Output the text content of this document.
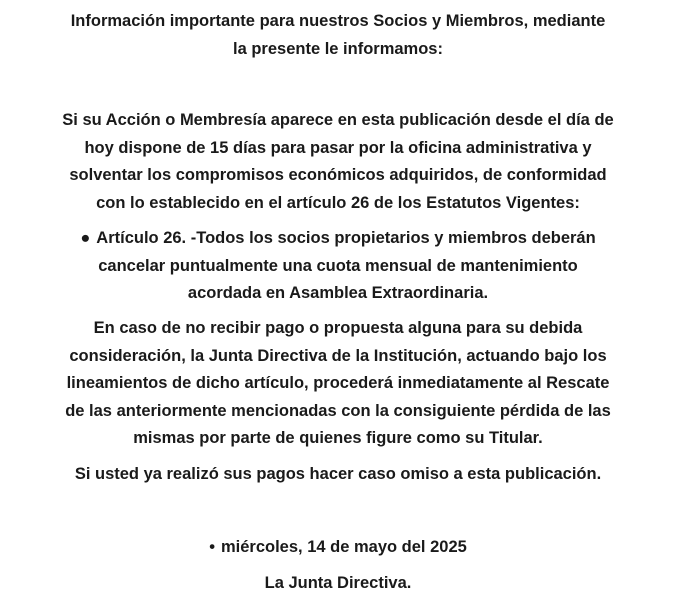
Información importante para nuestros Socios y Miembros, mediante
la presente le informamos:
Si su Acción o Membresía aparece en esta publicación desde el día de
hoy dispone de 15 días para pasar por la oficina administrativa y
solventar los compromisos económicos adquiridos, de conformidad
con lo establecido en el artículo 26 de los Estatutos Vigentes:
● Artículo 26. -Todos los socios propietarios y miembros deberán
cancelar puntualmente una cuota mensual de mantenimiento
acordada en Asamblea Extraordinaria.
En caso de no recibir pago o propuesta alguna para su debida
consideración, la Junta Directiva de la Institución, actuando bajo los
lineamientos de dicho artículo, procederá inmediatamente al Rescate
de las anteriormente mencionadas con la consiguiente pérdida de las
mismas por parte de quienes figure como su Titular.
Si usted ya realizó sus pagos hacer caso omiso a esta publicación.
• miércoles, 14 de mayo del 2025
La Junta Directiva.
